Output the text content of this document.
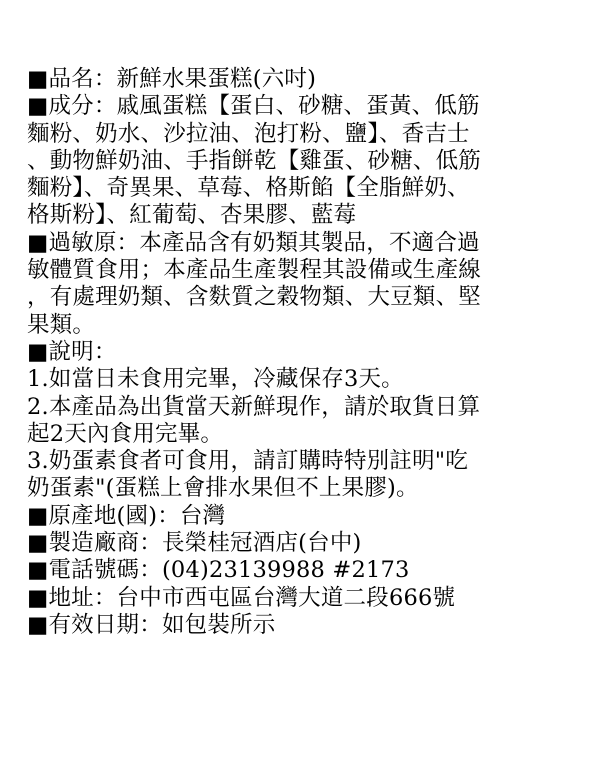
■品名：新鮮水果蛋糕(六吋)
■成分：戚風蛋糕【蛋白、砂糖、蛋黃、低筋
麵粉、奶水、沙拉油、泡打粉、鹽】、香吉士
、動物鮮奶油、手指餅乾【雞蛋、砂糖、低筋
麵粉】、奇異果、草莓、格斯餡【全脂鮮奶、
格斯粉】、紅葡萄、杏果膠、藍莓
■過敏原：本產品含有奶類其製品，不適合過
敏體質食用；本產品生產製程其設備或生產線
，有處理奶類、含麩質之穀物類、大豆類、堅
果類。
■說明：
1.如當日未食用完畢，冷藏保存3天。
2.本產品為出貨當天新鮮現作，請於取貨日算
起2天內食用完畢。
3.奶蛋素食者可食用，請訂購時特別註明"吃
奶蛋素"(蛋糕上會排水果但不上果膠)。
■原產地(國)：台灣
■製造廠商：長榮桂冠酒店(台中)
■電話號碼：(04)23139988 #2173
■地址：台中市西屯區台灣大道二段666號
■有效日期：如包裝所示
